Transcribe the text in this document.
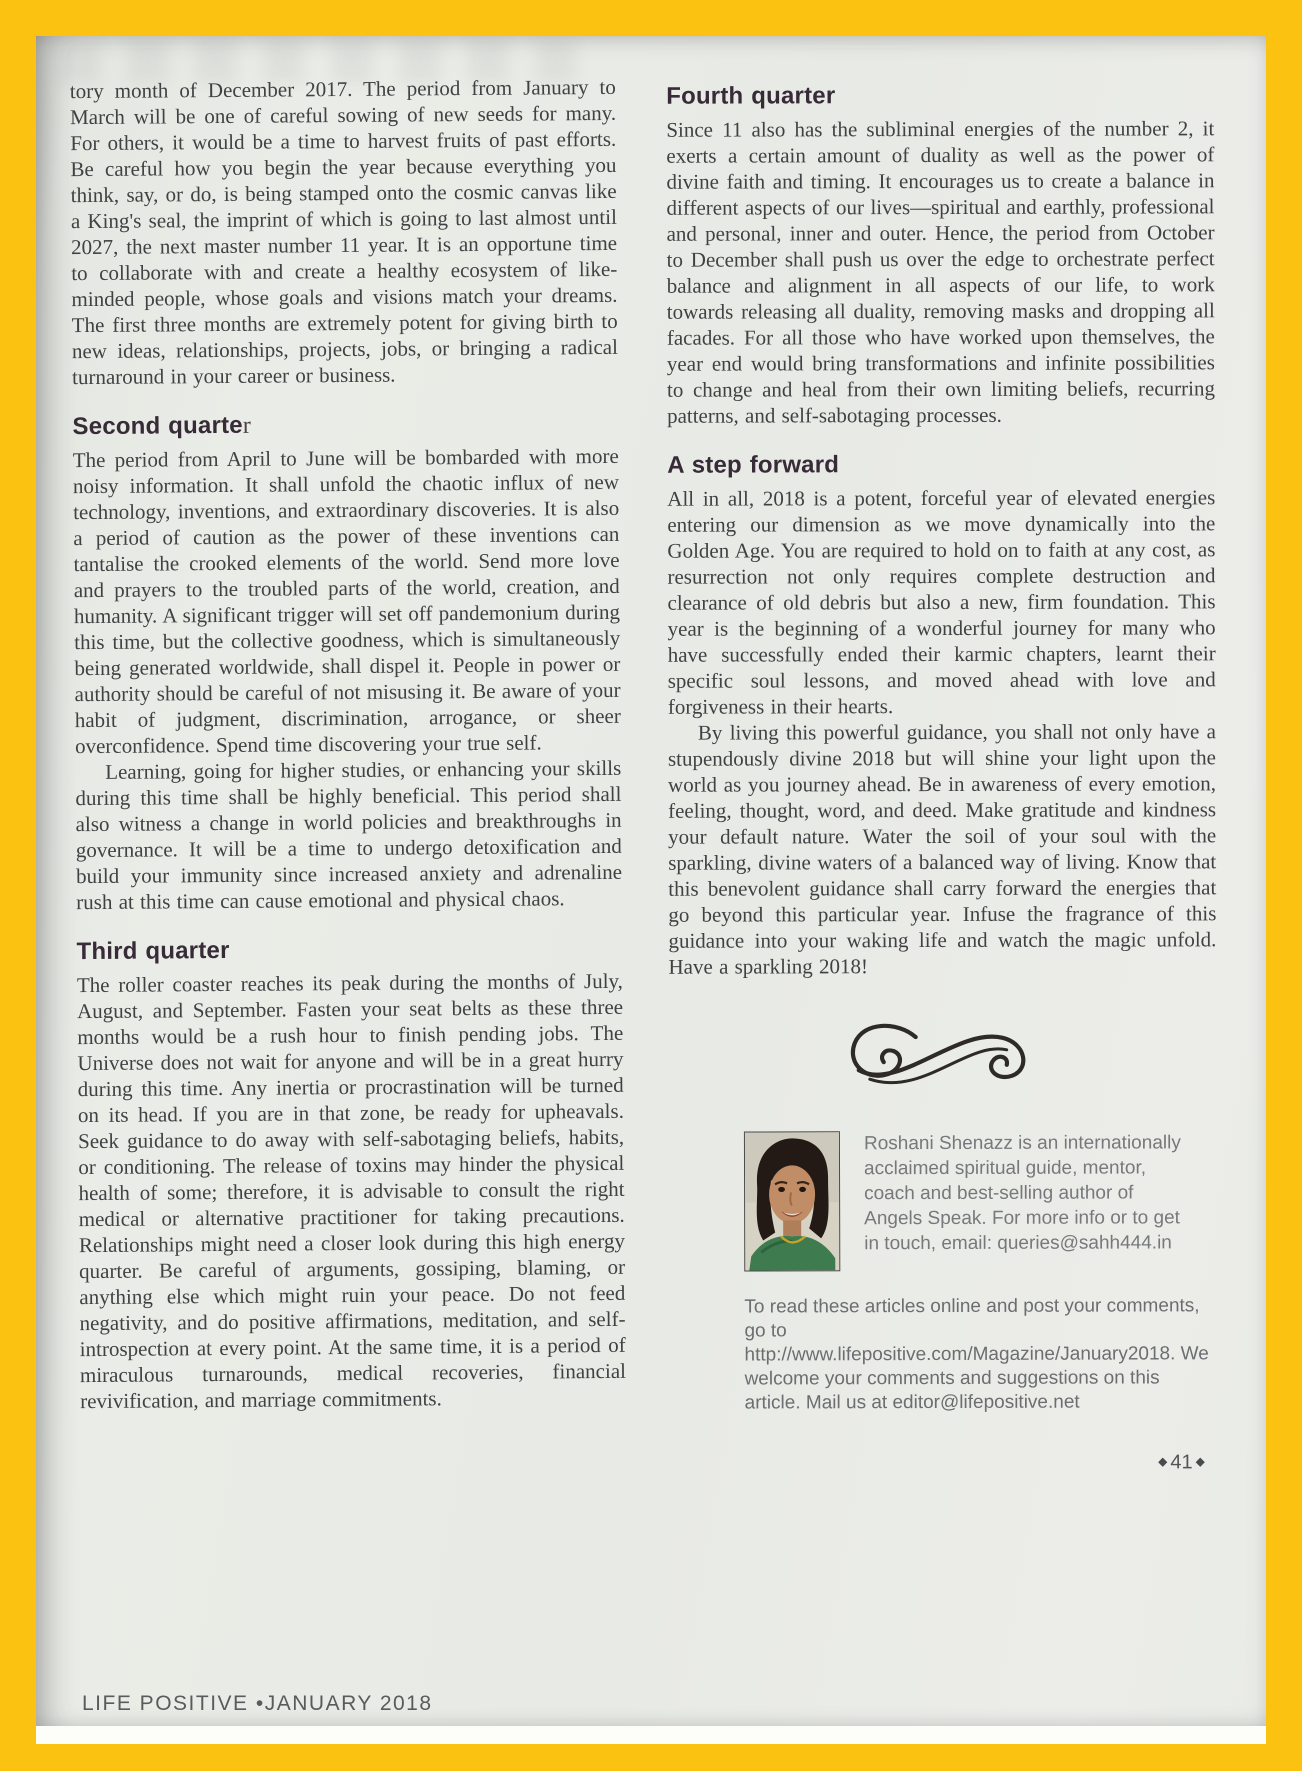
tory month of December 2017. The period from January to March will be one of careful sowing of new seeds for many. For others, it would be a time to harvest fruits of past efforts. Be careful how you begin the year because everything you think, say, or do, is being stamped onto the cosmic canvas like a King's seal, the imprint of which is going to last almost until 2027, the next master number 11 year. It is an opportune time to collaborate with and create a healthy ecosystem of like-minded people, whose goals and visions match your dreams. The first three months are extremely potent for giving birth to new ideas, relationships, projects, jobs, or bringing a radical turnaround in your career or business.

Second quarter

The period from April to June will be bombarded with more noisy information. It shall unfold the chaotic influx of new technology, inventions, and extraordinary discoveries. It is also a period of caution as the power of these inventions can tantalise the crooked elements of the world. Send more love and prayers to the troubled parts of the world, creation, and humanity. A significant trigger will set off pandemonium during this time, but the collective goodness, which is simultaneously being generated worldwide, shall dispel it. People in power or authority should be careful of not misusing it. Be aware of your habit of judgment, discrimination, arrogance, or sheer overconfidence. Spend time discovering your true self.

Learning, going for higher studies, or enhancing your skills during this time shall be highly beneficial. This period shall also witness a change in world policies and breakthroughs in governance. It will be a time to undergo detoxification and build your immunity since increased anxiety and adrenaline rush at this time can cause emotional and physical chaos.

Third quarter

The roller coaster reaches its peak during the months of July, August, and September. Fasten your seat belts as these three months would be a rush hour to finish pending jobs. The Universe does not wait for anyone and will be in a great hurry during this time. Any inertia or procrastination will be turned on its head. If you are in that zone, be ready for upheavals. Seek guidance to do away with self-sabotaging beliefs, habits, or conditioning. The release of toxins may hinder the physical health of some; therefore, it is advisable to consult the right medical or alternative practitioner for taking precautions. Relationships might need a closer look during this high energy quarter. Be careful of arguments, gossiping, blaming, or anything else which might ruin your peace. Do not feed negativity, and do positive affirmations, meditation, and self-introspection at every point. At the same time, it is a period of miraculous turnarounds, medical recoveries, financial revivification, and marriage commitments.

Fourth quarter

Since 11 also has the subliminal energies of the number 2, it exerts a certain amount of duality as well as the power of divine faith and timing. It encourages us to create a balance in different aspects of our lives—spiritual and earthly, professional and personal, inner and outer. Hence, the period from October to December shall push us over the edge to orchestrate perfect balance and alignment in all aspects of our life, to work towards releasing all duality, removing masks and dropping all facades. For all those who have worked upon themselves, the year end would bring transformations and infinite possibilities to change and heal from their own limiting beliefs, recurring patterns, and self-sabotaging processes.

A step forward

All in all, 2018 is a potent, forceful year of elevated energies entering our dimension as we move dynamically into the Golden Age. You are required to hold on to faith at any cost, as resurrection not only requires complete destruction and clearance of old debris but also a new, firm foundation. This year is the beginning of a wonderful journey for many who have successfully ended their karmic chapters, learnt their specific soul lessons, and moved ahead with love and forgiveness in their hearts.

By living this powerful guidance, you shall not only have a stupendously divine 2018 but will shine your light upon the world as you journey ahead. Be in awareness of every emotion, feeling, thought, word, and deed. Make gratitude and kindness your default nature. Water the soil of your soul with the sparkling, divine waters of a balanced way of living. Know that this benevolent guidance shall carry forward the energies that go beyond this particular year. Infuse the fragrance of this guidance into your waking life and watch the magic unfold. Have a sparkling 2018!

Roshani Shenazz is an internationally acclaimed spiritual guide, mentor, coach and best-selling author of Angels Speak. For more info or to get in touch, email: queries@sahh444.in

To read these articles online and post your comments, go to http://www.lifepositive.com/Magazine/January2018. We welcome your comments and suggestions on this article. Mail us at editor@lifepositive.net

◆ 41 ◆
LIFE POSITIVE •JANUARY 2018
